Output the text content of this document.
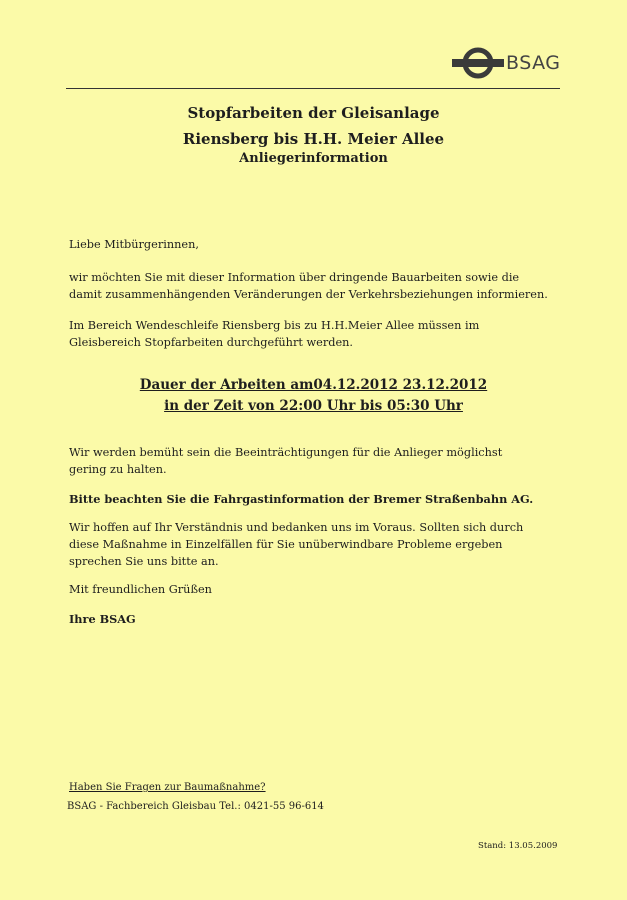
BSAG
Stopfarbeiten der Gleisanlage
Riensberg bis H.H. Meier Allee
Anliegerinformation
Liebe Mitbürgerinnen,
wir möchten Sie mit dieser Information über dringende Bauarbeiten sowie die damit zusammenhängenden Veränderungen der Verkehrsbeziehungen informieren.
Im Bereich Wendeschleife Riensberg bis zu H.H.Meier Allee müssen im Gleisbereich Stopfarbeiten durchgeführt werden.
Dauer der Arbeiten am04.12.2012 23.12.2012
in der Zeit von 22:00 Uhr bis 05:30 Uhr
Wir werden bemüht sein die Beeinträchtigungen für die Anlieger möglichst gering zu halten.
Bitte beachten Sie die Fahrgastinformation der Bremer Straßenbahn AG.
Wir hoffen auf Ihr Verständnis und bedanken uns im Voraus. Sollten sich durch diese Maßnahme in Einzelfällen für Sie unüberwindbare Probleme ergeben sprechen Sie uns bitte an.
Mit freundlichen Grüßen
Ihre BSAG
Haben Sie Fragen zur Baumaßnahme?
BSAG - Fachbereich Gleisbau Tel.: 0421-55 96-614
Stand: 13.05.2009
